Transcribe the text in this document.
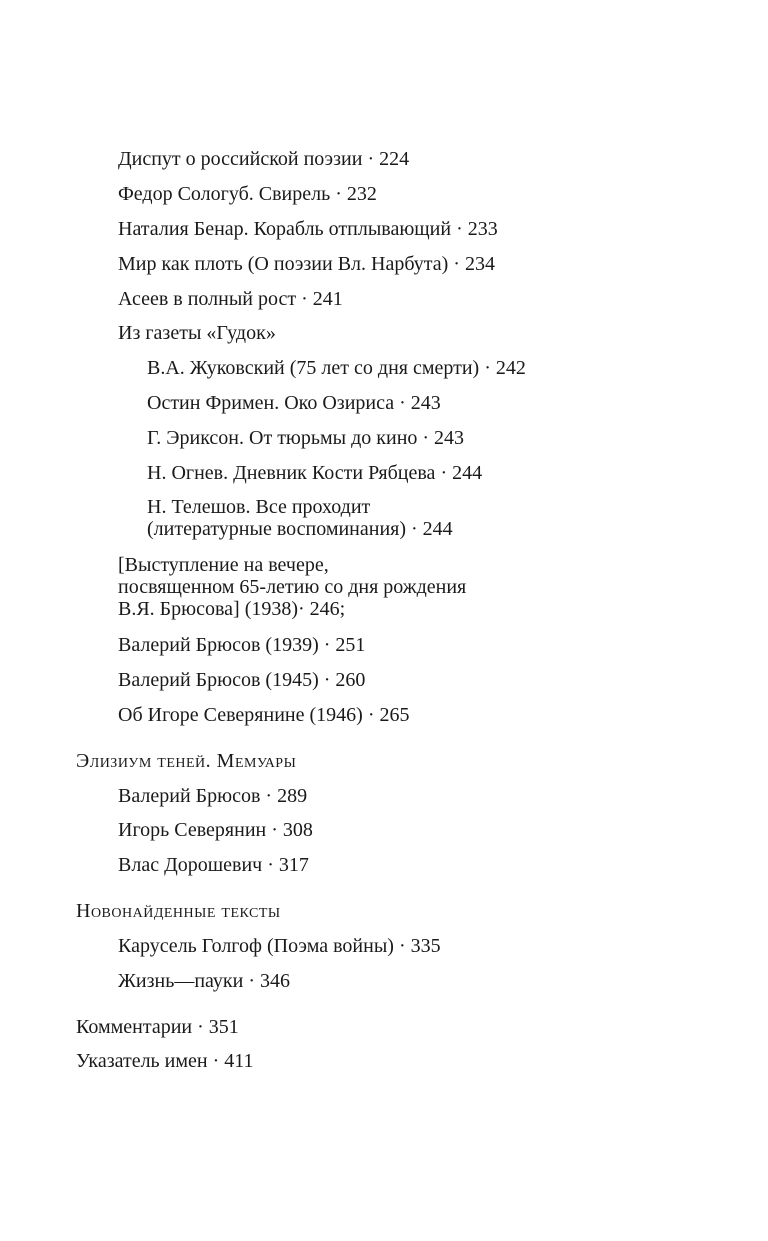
Диспут о российской поэзии · 224
Федор Сологуб. Свирель · 232
Наталия Бенар. Корабль отплывающий · 233
Мир как плоть (О поэзии Вл. Нарбута) · 234
Асеев в полный рост · 241
Из газеты «Гудок»
В.А. Жуковский (75 лет со дня смерти) · 242
Остин Фримен. Око Озириса · 243
Г. Эриксон. От тюрьмы до кино · 243
Н. Огнев. Дневник Кости Рябцева · 244
Н. Телешов. Все проходит
(литературные воспоминания) · 244
[Выступление на вечере,
посвященном 65-летию со дня рождения
В.Я. Брюсова] (1938)· 246;
Валерий Брюсов (1939) · 251
Валерий Брюсов (1945) · 260
Об Игоре Северянине (1946) · 265
Элизиум теней. Мемуары
Валерий Брюсов · 289
Игорь Северянин · 308
Влас Дорошевич · 317
Новонайденные тексты
Карусель Голгоф (Поэма войны) · 335
Жизнь—пауки · 346
Комментарии · 351
Указатель имен · 411
